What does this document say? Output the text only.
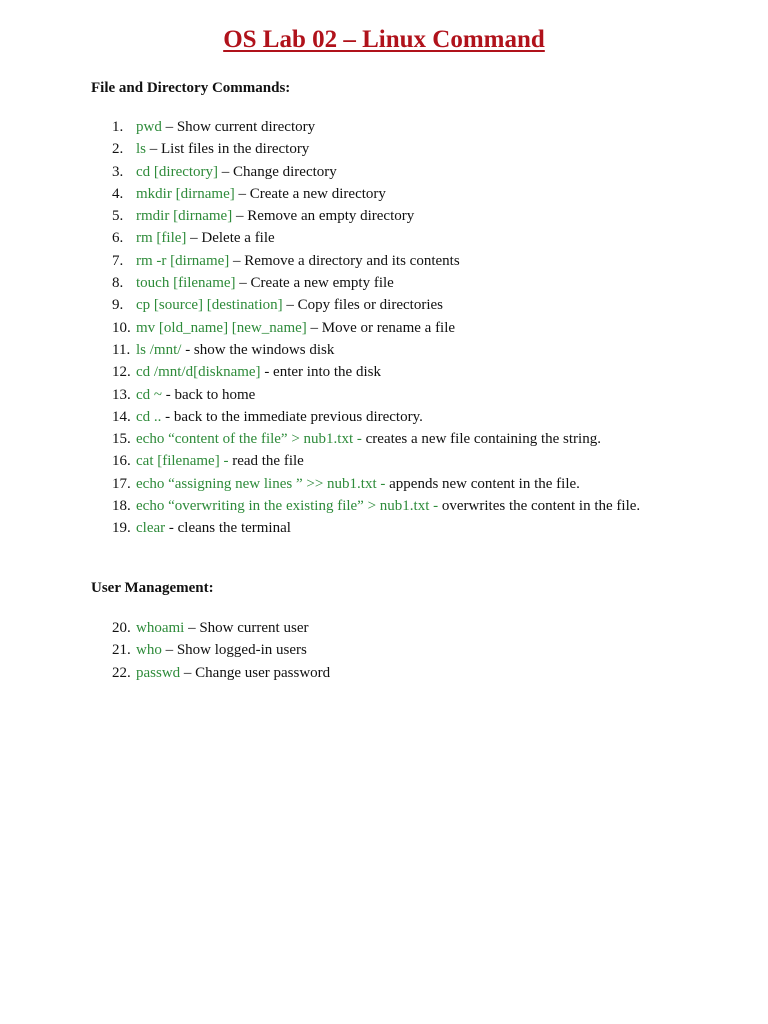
OS Lab 02 – Linux Command
File and Directory Commands:
1. pwd – Show current directory
2. ls – List files in the directory
3. cd [directory] – Change directory
4. mkdir [dirname] – Create a new directory
5. rmdir [dirname] – Remove an empty directory
6. rm [file] – Delete a file
7. rm -r [dirname] – Remove a directory and its contents
8. touch [filename] – Create a new empty file
9. cp [source] [destination] – Copy files or directories
10. mv [old_name] [new_name] – Move or rename a file
11. ls /mnt/ - show the windows disk
12. cd /mnt/d[diskname] - enter into the disk
13. cd ~ - back to home
14. cd .. - back to the immediate previous directory.
15. echo “content of the file” > nub1.txt - creates a new file containing the string.
16. cat [filename] - read the file
17. echo “assigning new lines ” >> nub1.txt - appends new content in the file.
18. echo “overwriting in the existing file” > nub1.txt - overwrites the content in the file.
19. clear - cleans the terminal
User Management:
20. whoami – Show current user
21. who – Show logged-in users
22. passwd – Change user password
